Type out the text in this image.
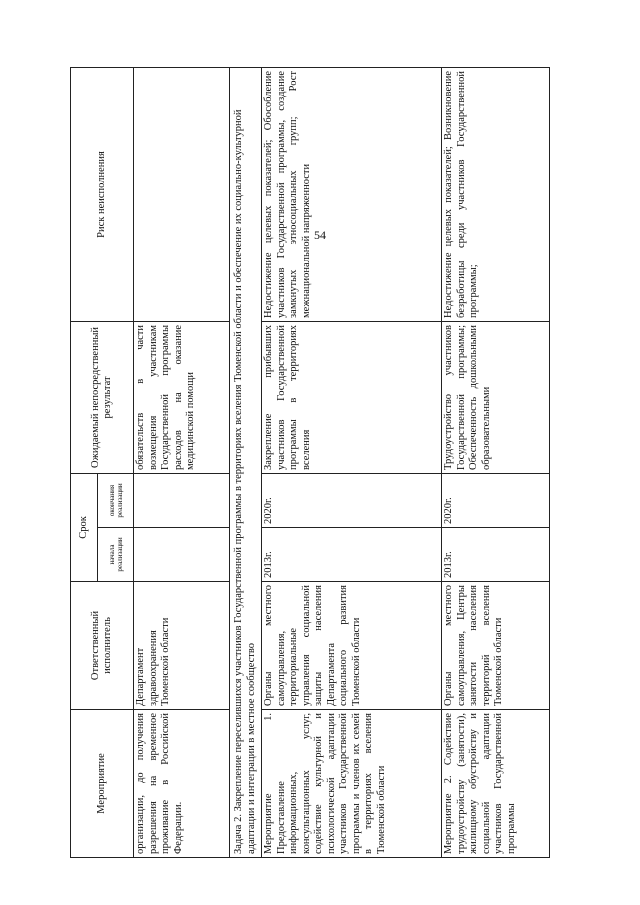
54
Мероприятие	Ответственный исполнитель	Срок		Ожидаемый непосредственный результат	Риск неисполнения
		начала реализации	окончания реализации		
организации, до получения разрешения на временное проживание в Российской Федерации.	Департамент здравоохранения Тюменской области			обязательств в части возмещения участникам Государственной программы расходов на оказание медицинской помощи	
Задача 2. Закрепление переселившихся участников Государственной программы в территориях вселения Тюменской области и обеспечение их социально-культурной адаптации и интеграции в местное сообщество					
Мероприятие 1. Предоставление информационных, консультационных услуг, содействие культурной и психологической адаптации участников Государственной программы и членов их семей в территориях вселения Тюменской области	Органы местного самоуправления, территориальные управления социальной защиты населения Департамента социального развития Тюменской области	2013г.	2020г.	Закрепление прибывших участников Государственной программы в территориях вселения	Недостижение целевых показателей; Обособление участников Государственной программы, создание замкнутых этносоциальных групп; Рост межнациональной напряженности
Мероприятие 2. Содействие трудоустройству (занятости), жилищному обустройству и социальной адаптации участников Государственной программы	Органы местного самоуправления, Центры занятости населения территорий вселения Тюменской области	2013г.	2020г.	Трудоустройство участников Государственной программы; Обеспеченность дошкольными образовательными	Недостижение целевых показателей; Возникновение безработицы среди участников Государственной программы;
